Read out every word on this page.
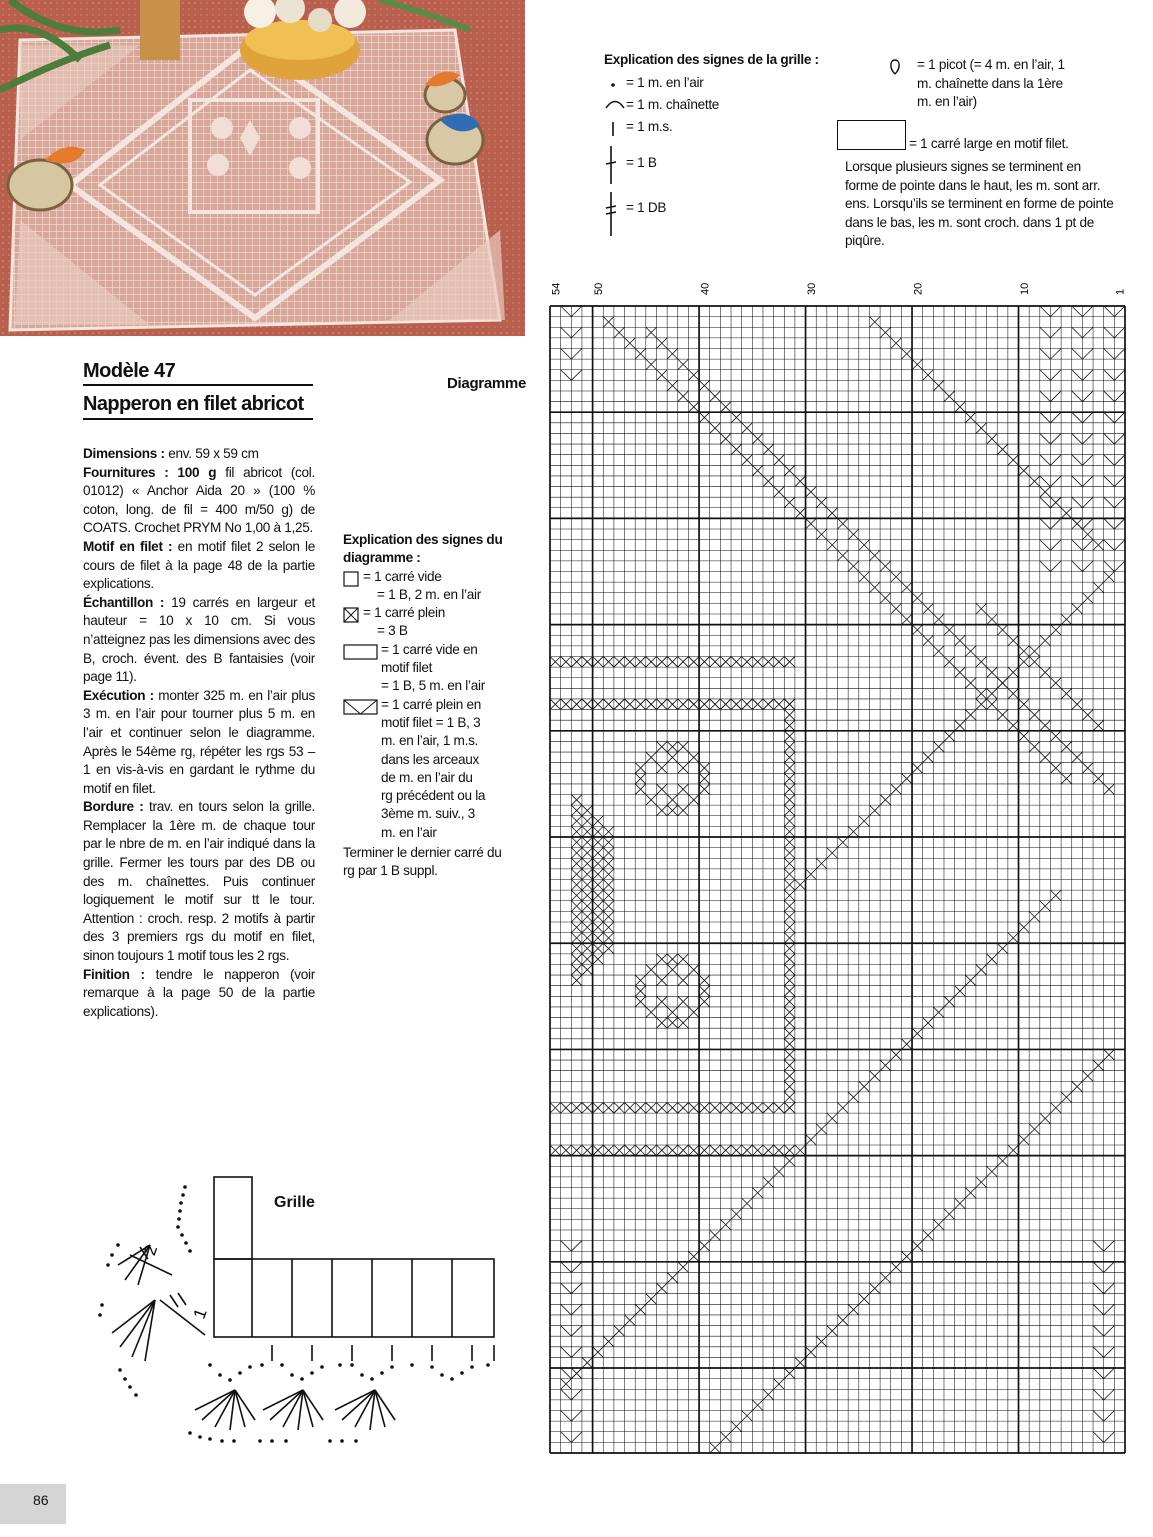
Modèle 47
Napperon en filet abricot

Dimensions : env. 59 x 59 cm

Fournitures : 100 g fil abricot (col. 01012) « Anchor Aida 20 » (100 % coton, long. de fil = 400 m/50 g) de COATS. Crochet PRYM No 1,00 à 1,25.

Motif en filet : en motif filet 2 selon le cours de filet à la page 48 de la partie explications.

Échantillon : 19 carrés en largeur et hauteur = 10 x 10 cm. Si vous n’atteignez pas les dimensions avec des B, croch. évent. des B fantaisies (voir page 11).

Exécution : monter 325 m. en l’air plus 3 m. en l’air pour tourner plus 5 m. en l’air et continuer selon le diagramme. Après le 54ème rg, répéter les rgs 53 – 1 en vis-à-vis en gardant le rythme du motif en filet.

Bordure : trav. en tours selon la grille. Remplacer la 1ère m. de chaque tour par le nbre de m. en l’air indiqué dans la grille. Fermer les tours par des DB ou des m. chaînettes. Puis continuer logiquement le motif sur tt le tour. Attention : croch. resp. 2 motifs à partir des 3 premiers rgs du motif en filet, sinon toujours 1 motif tous les 2 rgs.

Finition : tendre le napperon (voir remarque à la page 50 de la partie explications).

Diagramme
Explication des signes du diagramme :
= 1 carré vide
= 1 B, 2 m. en l’air
= 1 carré plein
= 3 B
= 1 carré vide en
motif filet
= 1 B, 5 m. en l’air
= 1 carré plein en
motif filet = 1 B, 3
m. en l’air, 1 m.s.
dans les arceaux
de m. en l’air du
rg précédent ou la
3ème m. suiv., 3
m. en l’air
Terminer le dernier carré du rg par 1 B suppl.
Explication des signes de la grille :
= 1 m. en l’air
= 1 m. chaînette
= 1 m.s.
= 1 B
= 1 DB
= 1 picot (= 4 m. en l’air, 1 m. chaînette dans la 1ère m. en l’air)
= 1 carré large en motif filet.
Lorsque plusieurs signes se terminent en forme de pointe dans le haut, les m. sont arr. ens. Lorsqu’ils se terminent en forme de pointe dans le bas, les m. sont croch. dans 1 pt de piqûre.
54	50	40	30	20	10	1
Grille
2
1
86
